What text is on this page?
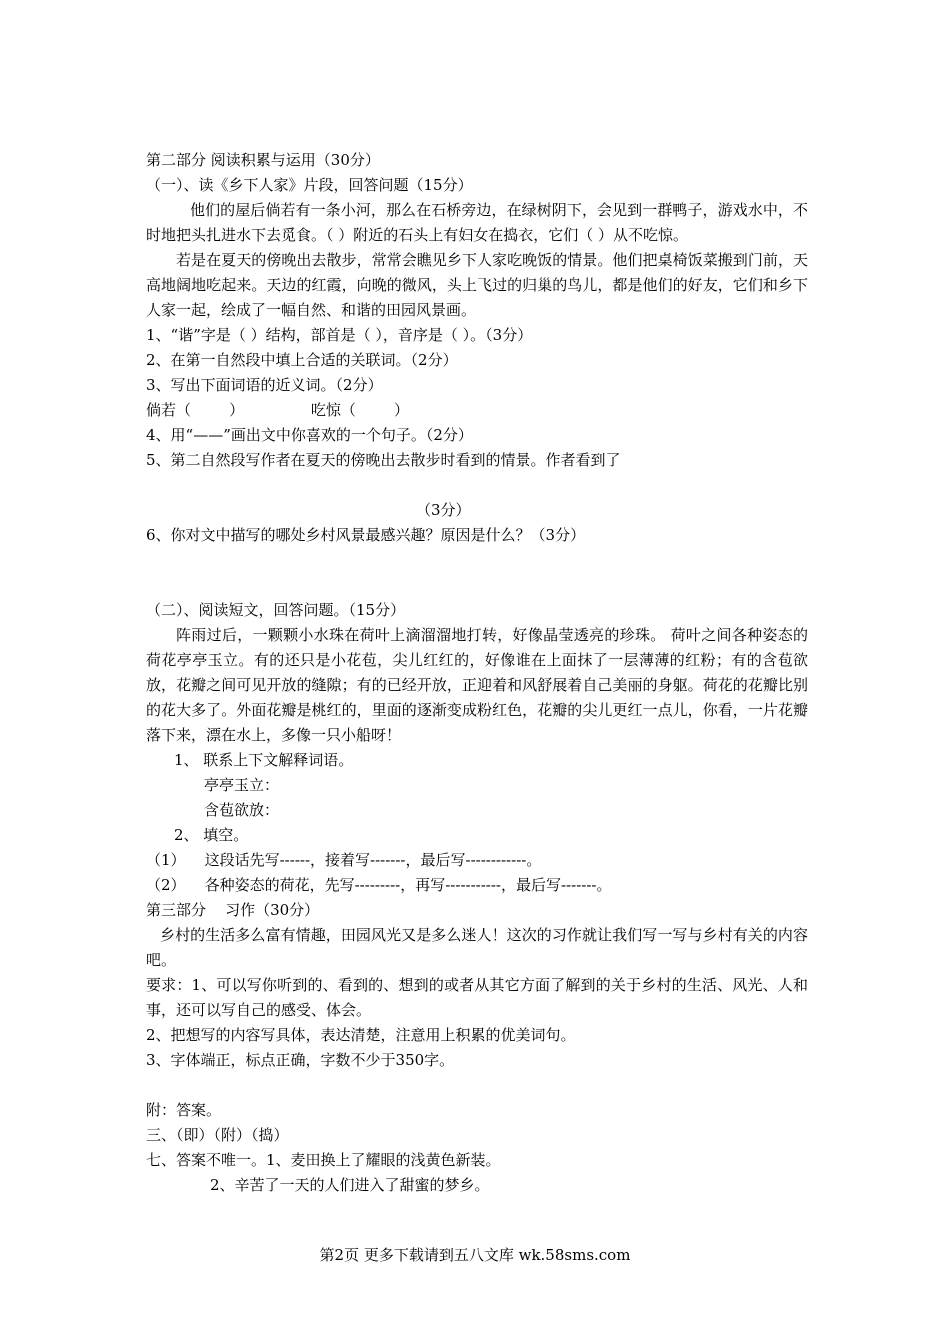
第二部分 阅读积累与运用（30分）
（一）、读《乡下人家》片段，回答问题（15分）
他们的屋后倘若有一条小河，那么在石桥旁边，在绿树阴下，会见到一群鸭子，游戏水中，不时地把头扎进水下去觅食。（ ）附近的石头上有妇女在捣衣，它们（ ）从不吃惊。
若是在夏天的傍晚出去散步，常常会瞧见乡下人家吃晚饭的情景。他们把桌椅饭菜搬到门前，天高地阔地吃起来。天边的红霞，向晚的微风，头上飞过的归巢的鸟儿，都是他们的好友，它们和乡下人家一起，绘成了一幅自然、和谐的田园风景画。
1、“谐”字是（ ）结构，部首是（ ），音序是（ ）。（3分）
2、在第一自然段中填上合适的关联词。（2分）
3、写出下面词语的近义词。（2分）
倘若（        ）              吃惊（        ）
4、用“——”画出文中你喜欢的一个句子。（2分）
5、第二自然段写作者在夏天的傍晚出去散步时看到的情景。作者看到了
（3分）
6、你对文中描写的哪处乡村风景最感兴趣？原因是什么？（3分）
（二）、阅读短文，回答问题。（15分）
阵雨过后，一颗颗小水珠在荷叶上滴溜溜地打转，好像晶莹透亮的珍珠。 荷叶之间各种姿态的荷花亭亭玉立。有的还只是小花苞，尖儿红红的，好像谁在上面抹了一层薄薄的红粉；有的含苞欲放，花瓣之间可见开放的缝隙；有的已经开放，正迎着和风舒展着自己美丽的身躯。荷花的花瓣比别的花大多了。外面花瓣是桃红的，里面的逐渐变成粉红色，花瓣的尖儿更红一点儿，你看，一片花瓣落下来，漂在水上，多像一只小船呀！
1、 联系上下文解释词语。
亭亭玉立：
含苞欲放：
2、 填空。
（1）    这段话先写------，接着写-------，最后写------------。
（2）    各种姿态的荷花，先写---------，再写-----------，最后写-------。
第三部分    习作（30分）
乡村的生活多么富有情趣，田园风光又是多么迷人！这次的习作就让我们写一写与乡村有关的内容吧。
要求：1、可以写你听到的、看到的、想到的或者从其它方面了解到的关于乡村的生活、风光、人和事，还可以写自己的感受、体会。
2、把想写的内容写具体，表达清楚，注意用上积累的优美词句。
3、字体端正，标点正确，字数不少于350字。
附：答案。
三、（即）（附）（捣）
七、答案不唯一。1、麦田换上了耀眼的浅黄色新装。
2、辛苦了一天的人们进入了甜蜜的梦乡。
第2页 更多下载请到五八文库 wk.58sms.com
